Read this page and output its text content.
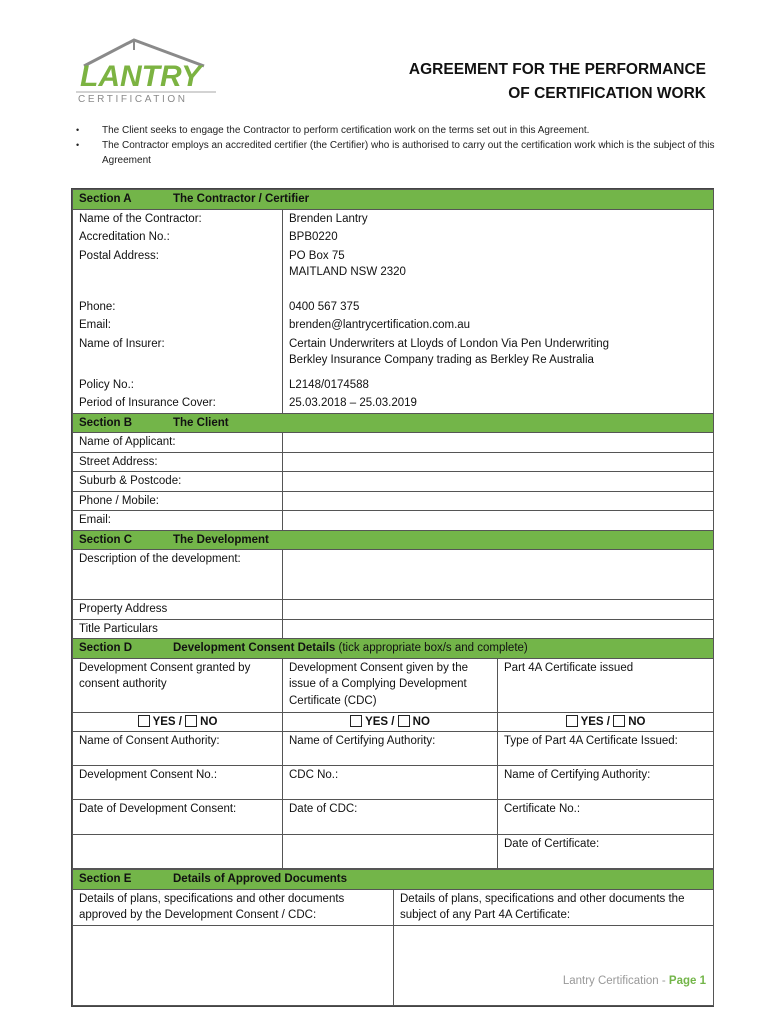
LANTRY
CERTIFICATION
AGREEMENT FOR THE PERFORMANCE
OF CERTIFICATION WORK
•	The Client seeks to engage the Contractor to perform certification work on the terms set out in this Agreement.
•	The Contractor employs an accredited certifier (the Certifier) who is authorised to carry out the certification work which is the subject of this Agreement
Section A The Contractor / Certifier		
Name of the Contractor:	Brenden Lantry	
Accreditation No.:	BPB0220	
Postal Address:	PO Box 75
MAITLAND NSW 2320	

Phone:	0400 567 375	
Email:	brenden@lantrycertification.com.au	
Name of Insurer:	Certain Underwriters at Lloyds of London Via Pen Underwriting
Berkley Insurance Company trading as Berkley Re Australia	

Policy No.:	L2148/0174588	
Period of Insurance Cover:	25.03.2018 – 25.03.2019	
Section B The Client		
Name of Applicant:		
Street Address:		
Suburb & Postcode:		
Phone / Mobile:		
Email:		
Section C The Development		
Description of the development:		
Property Address		
Title Particulars		
Section D Development Consent Details (tick appropriate box/s and complete)		
Development Consent granted by consent authority	Development Consent given by the issue of a Complying Development Certificate (CDC)	Part 4A Certificate issued
YES / NO	YES / NO	YES / NO
Name of Consent Authority:	Name of Certifying Authority:	Type of Part 4A Certificate Issued:
Development Consent No.:	CDC No.:	Name of Certifying Authority:
Date of Development Consent:	Date of CDC:	Certificate No.:
		Date of Certificate:
Section E Details of Approved Documents	
Details of plans, specifications and other documents approved by the Development Consent / CDC:	Details of plans, specifications and other documents the subject of any Part 4A Certificate:

Lantry Certification - Page 1
